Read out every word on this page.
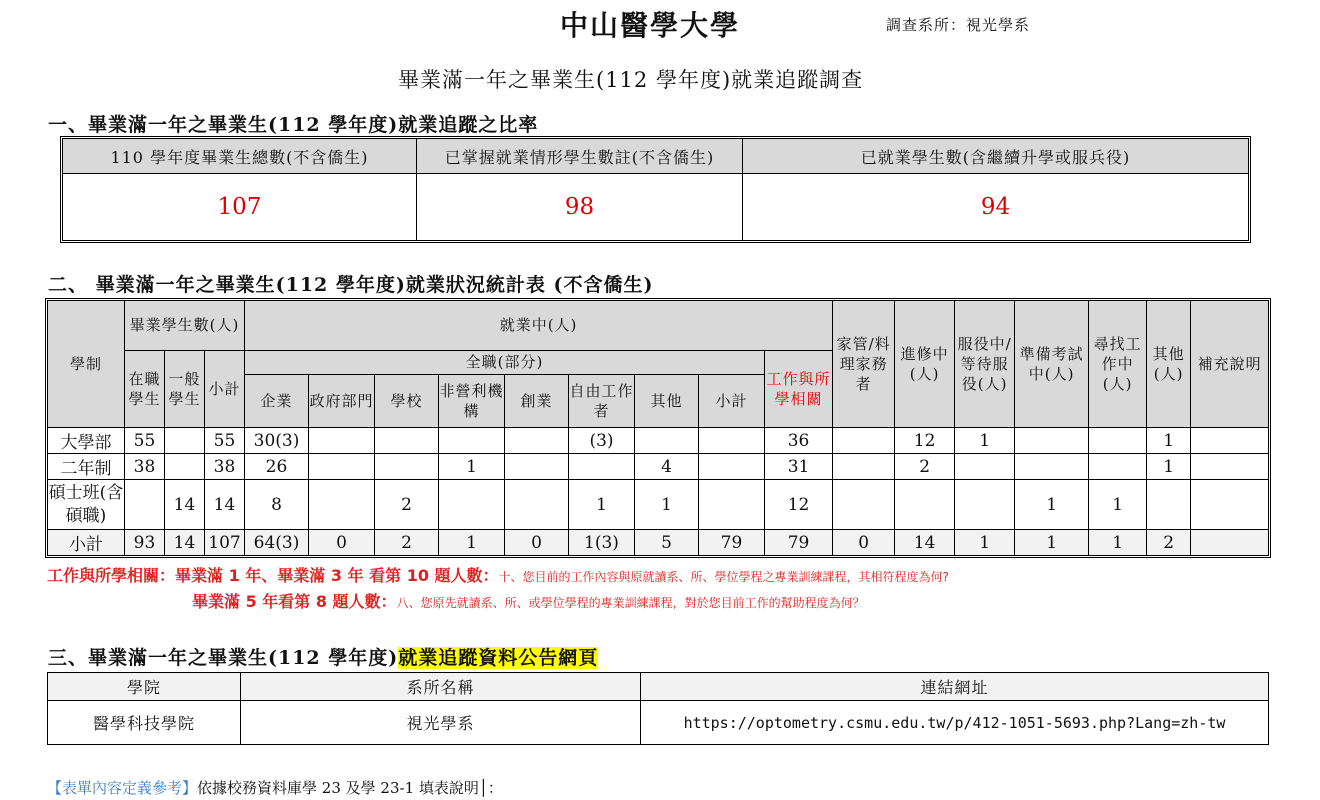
中山醫學大學	調查系所：視光學系
畢業滿一年之畢業生(112 學年度)就業追蹤調查
一、畢業滿一年之畢業生(112 學年度)就業追蹤之比率
110 學年度畢業生總數(不含僑生)	已掌握就業情形學生數註(不含僑生)	已就業學生數(含繼續升學或服兵役)
107	98	94
二、 畢業滿一年之畢業生(112 學年度)就業狀況統計表 (不含僑生)
學制	畢業學生數(人)			就業中(人)									家管/料理家務者	進修中(人)	服役中/等待服役(人)	準備考試中(人)	尋找工作中(人)	其他(人)	補充說明
	在職學生	一般學生	小計	全職(部分)								工作與所學相關							
				企業	政府部門	學校	非營利機構	創業	自由工作者	其他	小計								
大學部	55		55	30(3)					(3)			36		12	1			1	
二年制	38		38	26			1			4		31		2				1	
碩士班(含碩職)		14	14	8		2			1	1		12				1	1		
小計	93	14	107	64(3)	0	2	1	0	1(3)	5	79	79	0	14	1	1	1	2	
工作與所學相關：畢業滿 1 年、畢業滿 3 年 看第 10 題人數：十、您目前的工作內容與原就讀系、所、學位學程之專業訓練課程，其相符程度為何?
畢業滿 5 年看第 8 題人數：八、您原先就讀系、所、或學位學程的專業訓練課程，對於您目前工作的幫助程度為何？
三、畢業滿一年之畢業生(112 學年度)就業追蹤資料公告網頁
學院	系所名稱	連結網址
醫學科技學院	視光學系	https://optometry.csmu.edu.tw/p/412-1051-5693.php?Lang=zh-tw
【表單內容定義參考】依據校務資料庫學 23 及學 23-1 填表說明│：
